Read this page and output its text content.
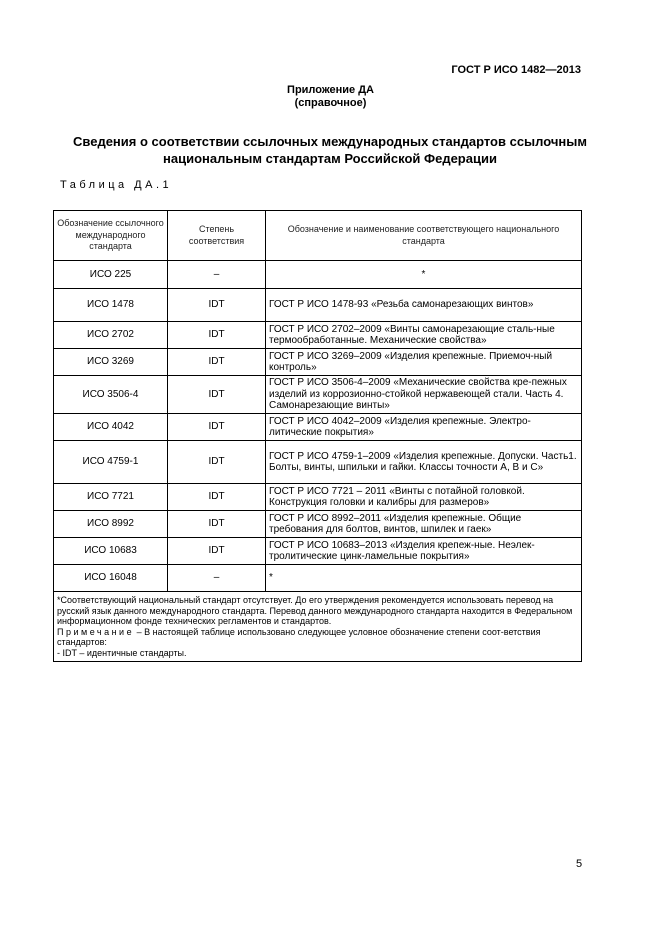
ГОСТ Р ИСО 1482—2013
Приложение ДА
(справочное)
Сведения о соответствии ссылочных международных стандартов ссылочным
национальным стандартам Российской Федерации
Таблица ДА.1
Обозначение ссылочного международного стандарта	Степень соответствия	Обозначение и наименование соответствующего национального стандарта
ИСО 225	–	*
ИСО 1478	IDT	ГОСТ Р ИСО 1478-93 «Резьба самонарезающих винтов»
ИСО 2702	IDT	ГОСТ Р ИСО 2702–2009 «Винты самонарезающие сталь-ные термообработанные. Механические свойства»
ИСО 3269	IDT	ГОСТ Р ИСО 3269–2009 «Изделия крепежные. Приемоч-ный контроль»
ИСО 3506-4	IDT	ГОСТ Р ИСО 3506-4–2009 «Механические свойства кре-пежных изделий из коррозионно-стойкой нержавеющей стали. Часть 4. Самонарезающие винты»
ИСО 4042	IDT	ГОСТ Р ИСО 4042–2009 «Изделия крепежные. Электро-литические покрытия»
ИСО 4759-1	IDT	ГОСТ Р ИСО 4759-1–2009 «Изделия крепежные. Допуски. Часть1. Болты, винты, шпильки и гайки. Классы точности А, В и С»
ИСО 7721	IDT	ГОСТ Р ИСО 7721 – 2011 «Винты с потайной головкой. Конструкция головки и калибры для размеров»
ИСО 8992	IDT	ГОСТ Р ИСО 8992–2011 «Изделия крепежные. Общие требования для болтов, винтов, шпилек и гаек»
ИСО 10683	IDT	ГОСТ Р ИСО 10683–2013 «Изделия крепеж-ные. Неэлек-тролитические цинк-ламельные покрытия»
ИСО 16048	–	*

*Соответствующий национальный стандарт отсутствует. До его утверждения рекомендуется использовать перевод на русский язык данного международного стандарта. Перевод данного международного стандарта находится в Федеральном информационном фонде технических регламентов и стандартов.
Примечание – В настоящей таблице использовано следующее условное обозначение степени соот-ветствия стандартов:
- IDT – идентичные стандарты.		
5
